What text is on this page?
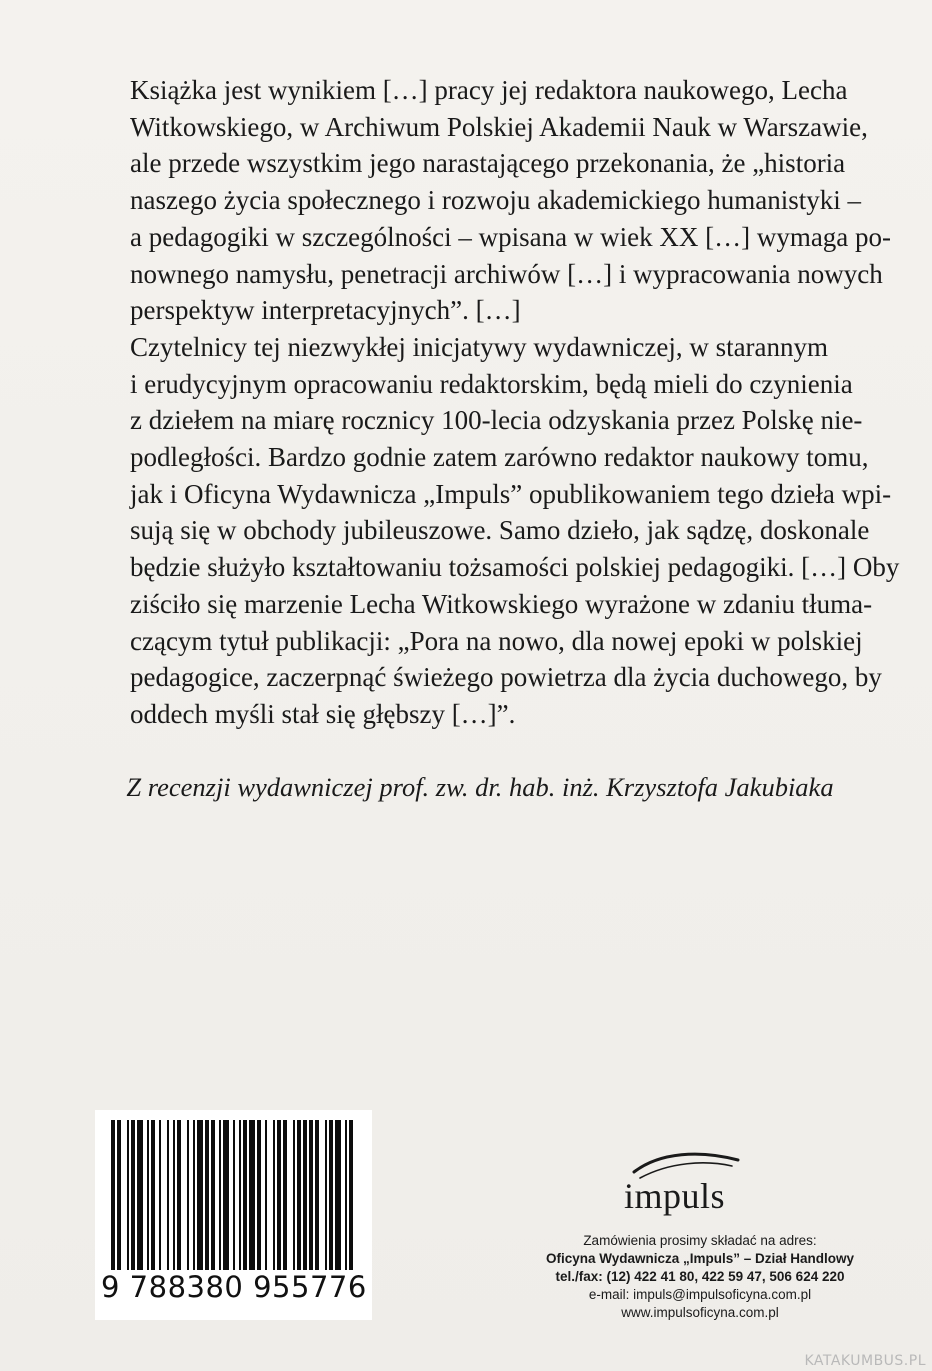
Książka jest wynikiem […] pracy jej redaktora naukowego, Lecha
Witkowskiego, w Archiwum Polskiej Akademii Nauk w Warszawie,
ale przede wszystkim jego narastającego przekonania, że „historia
naszego życia społecznego i rozwoju akademickiego humanistyki –
a pedagogiki w szczególności – wpisana w wiek XX […] wymaga po-
nownego namysłu, penetracji archiwów […] i wypracowania nowych
perspektyw interpretacyjnych”. […]

Czytelnicy tej niezwykłej inicjatywy wydawniczej, w starannym
i erudycyjnym opracowaniu redaktorskim, będą mieli do czynienia
z dziełem na miarę rocznicy 100-lecia odzyskania przez Polskę nie-
podległości. Bardzo godnie zatem zarówno redaktor naukowy tomu,
jak i Oficyna Wydawnicza „Impuls” opublikowaniem tego dzieła wpi-
sują się w obchody jubileuszowe. Samo dzieło, jak sądzę, doskonale
będzie służyło kształtowaniu tożsamości polskiej pedagogiki. […] Oby
ziściło się marzenie Lecha Witkowskiego wyrażone w zdaniu tłuma-
czącym tytuł publikacji: „Pora na nowo, dla nowej epoki w polskiej
pedagogice, zaczerpnąć świeżego powietrza dla życia duchowego, by
oddech myśli stał się głębszy […]”.

Z recenzji wydawniczej prof. zw. dr. hab. inż. Krzysztofa Jakubiaka
9 788380 955776
impuls
Zamówienia prosimy składać na adres:
Oficyna Wydawnicza „Impuls” – Dział Handlowy
tel./fax: (12) 422 41 80, 422 59 47, 506 624 220
e-mail: impuls@impulsoficyna.com.pl
www.impulsoficyna.com.pl
KATAKUMBUS.PL
